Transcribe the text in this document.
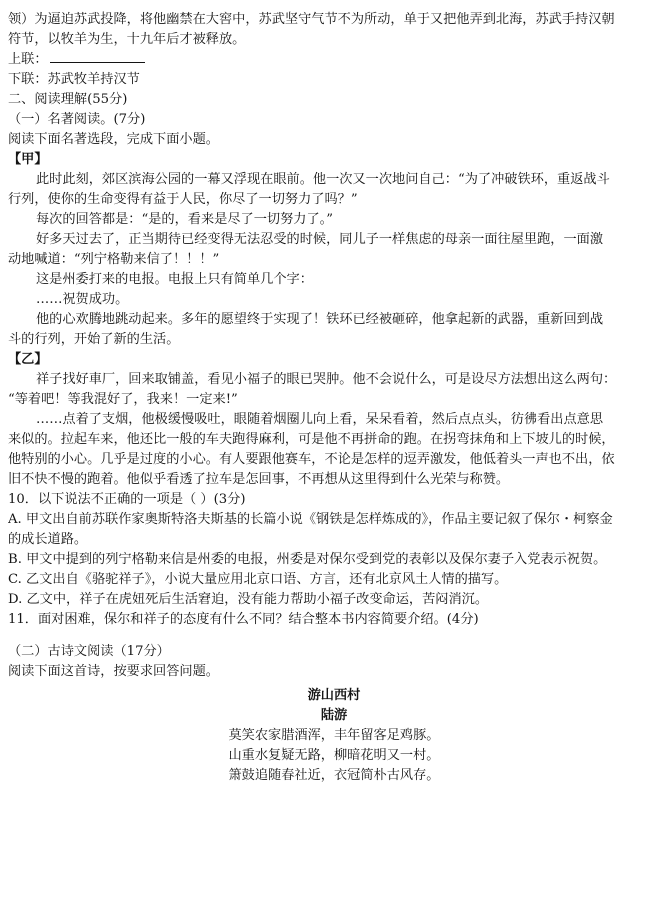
领）为逼迫苏武投降，将他幽禁在大窖中，苏武坚守气节不为所动，单于又把他弄到北海，苏武手持汉朝
符节，以牧羊为生，十九年后才被释放。
上联：
下联：苏武牧羊持汉节
二、阅读理解(55分)
（一）名著阅读。(7分)
阅读下面名著选段，完成下面小题。
【甲】
此时此刻，郊区滨海公园的一幕又浮现在眼前。他一次又一次地问自己：“为了冲破铁环，重返战斗
行列，使你的生命变得有益于人民，你尽了一切努力了吗？”
每次的回答都是：“是的，看来是尽了一切努力了。”
好多天过去了，正当期待已经变得无法忍受的时候，同儿子一样焦虑的母亲一面往屋里跑，一面激
动地喊道：“列宁格勒来信了！！！”
这是州委打来的电报。电报上只有简单几个字：
……祝贺成功。
他的心欢腾地跳动起来。多年的愿望终于实现了！铁环已经被砸碎，他拿起新的武器，重新回到战
斗的行列，开始了新的生活。
【乙】
祥子找好車厂，回来取铺盖，看见小福子的眼已哭肿。他不会说什么，可是设尽方法想出这么两句：
“等着吧！等我混好了，我来！一定来!”
……点着了支烟，他极缓慢吸吐，眼随着烟圈儿向上看，呆呆看着，然后点点头，彷彿看出点意思
来似的。拉起车来，他还比一般的车夫跑得麻利，可是他不再拼命的跑。在拐弯抹角和上下坡儿的时候，
他特别的小心。几乎是过度的小心。有人要跟他赛车，不论是怎样的逗弄激发，他低着头一声也不出，依
旧不快不慢的跑着。他似乎看透了拉车是怎回事，不再想从这里得到什么光荣与称赞。
10．以下说法不正确的一项是（ ）(3分)
A. 甲文出自前苏联作家奥斯特洛夫斯基的长篇小说《钢铁是怎样炼成的》，作品主要记叙了保尔・柯察金
的成长道路。
B. 甲文中提到的列宁格勒来信是州委的电报，州委是对保尔受到党的表彰以及保尔妻子入党表示祝贺。
C. 乙文出自《骆驼祥子》，小说大量应用北京口语、方言，还有北京风土人情的描写。
D. 乙文中，祥子在虎妞死后生活窘迫，没有能力帮助小福子改变命运，苦闷消沉。
11．面对困难，保尔和祥子的态度有什么不同？结合整本书内容简要介绍。(4分)
（二）古诗文阅读（17分）
阅读下面这首诗，按要求回答问题。
游山西村
陆游
莫笑农家腊酒浑，丰年留客足鸡豚。
山重水复疑无路，柳暗花明又一村。
箫鼓追随春社近，衣冠简朴古风存。
